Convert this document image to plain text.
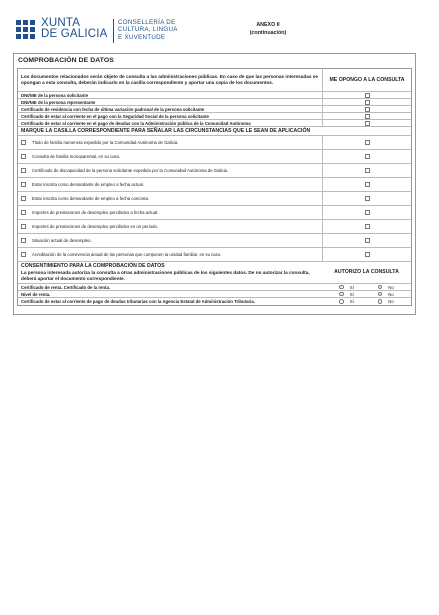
XUNTA
DE GALICIA
CONSELLERÍA DE
CULTURA, LINGUA
E XUVENTUDE
ANEXO II
(continuación)
COMPROBACIÓN DE DATOS
Los documentos relacionados serán objeto de consulta a las administraciones públicas. En caso de que las personas interesadas se opongan a esta consulta, deberán indicarlo en la casilla correspondiente y aportar una copia de los documentos.	ME OPONGO A LA CONSULTA
DNI/NIE de la persona solicitante
DNI/NIE de la persona representante
Certificado de residencia con fecha de última variación padronal de la persona solicitante
Certificado de estar al corriente en el pago con la Seguridad Social de la persona solicitante
Certificado de estar al corriente en el pago de deudas con la Administración pública de la Comunidad Autónoma
MARQUE LA CASILLA CORRESPONDIENTE PARA SEÑALAR LAS CIRCUNSTANCIAS QUE LE SEAN DE APLICACIÓN
Título de familia numerosa expedido por la Comunidad Autónoma de Galicia.
Consulta de familia monoparental, en su caso.
Certificado de discapacidad de la persona solicitante expedido por la Comunidad Autónoma de Galicia.
Estar inscrita como demandante de empleo a fecha actual.
Estar inscrita como demandante de empleo a fecha concreta.
Importes de prestaciones de desempleo percibidos a fecha actual.
Importes de prestaciones de desempleo percibidos en un período.
Situación actual de desempleo.
Acreditación de la convivencia actual de las personas que componen la unidad familiar, en su caso.
CONSENTIMIENTO PARA LA COMPROBACIÓN DE DATOS
La persona interesada autoriza la consulta a otras administraciones públicas de los siguientes datos. De no autorizar la consulta, deberá aportar el documento correspondiente.
AUTORIZO LA CONSULTA
Certificado de renta. Certificado de la renta.	Sí	No
Nivel de renta.	Sí	No
Certificado de estar al corriente de pago de deudas tributarias con la Agencia Estatal de Administración Tributaria.	Sí	No
